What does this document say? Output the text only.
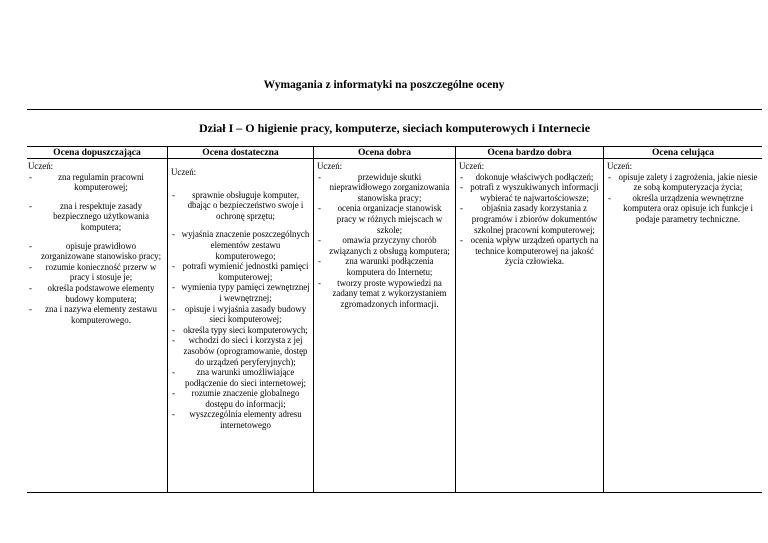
Wymagania z informatyki na poszczególne oceny
Dział I – O higienie pracy, komputerze, sieciach komputerowych i Internecie
Ocena dopuszczająca

Uczeń:

- zna regulamin pracowni komputerowej;
- zna i respektuje zasady bezpiecznego użytkowania komputera;
- opisuje prawidłowo zorganizowane stanowisko pracy;
- rozumie konieczność przerw w pracy i stosuje je;
- określa podstawowe elementy budowy komputera;
- zna i nazywa elementy zestawu komputerowego.
Ocena dostateczna

Uczeń:

- sprawnie obsługuje komputer, dbając o bezpieczeństwo swoje i ochronę sprzętu;
- wyjaśnia znaczenie poszczególnych elementów zestawu komputerowego;
- potrafi wymienić jednostki pamięci komputerowej;
- wymienia typy pamięci zewnętrznej i wewnętrznej;
- opisuje i wyjaśnia zasady budowy sieci komputerowej;
- określa typy sieci komputerowych;
- wchodzi do sieci i korzysta z jej zasobów (oprogramowanie, dostęp do urządzeń peryferyjnych);
- zna warunki umożliwiające podłączenie do sieci internetowej;
- rozumie znaczenie globalnego dostępu do informacji;
- wyszczególnia elementy adresu internetowego
Ocena dobra

Uczeń:

- przewiduje skutki nieprawidłowego zorganizowania stanowiska pracy;
- ocenia organizacje stanowisk pracy w różnych miejscach w szkole;
- omawia przyczyny chorób związanych z obsługą komputera;
- zna warunki podłączenia komputera do Internetu;
- tworzy proste wypowiedzi na zadany temat z wykorzystaniem zgromadzonych informacji.
Ocena bardzo dobra

Uczeń:

- dokonuje właściwych podłączeń;
- potrafi z wyszukiwanych informacji wybierać te najwartościowsze;
- objaśnia zasady korzystania z programów i zbiorów dokumentów szkolnej pracowni komputerowej;
- ocenia wpływ urządzeń opartych na technice komputerowej na jakość życia człowieka.
Ocena celująca

Uczeń:

- opisuje zalety i zagrożenia, jakie niesie ze sobą komputeryzacja życia;
- określa urządzenia wewnętrzne komputera oraz opisuje ich funkcje i podaje parametry techniczne.
